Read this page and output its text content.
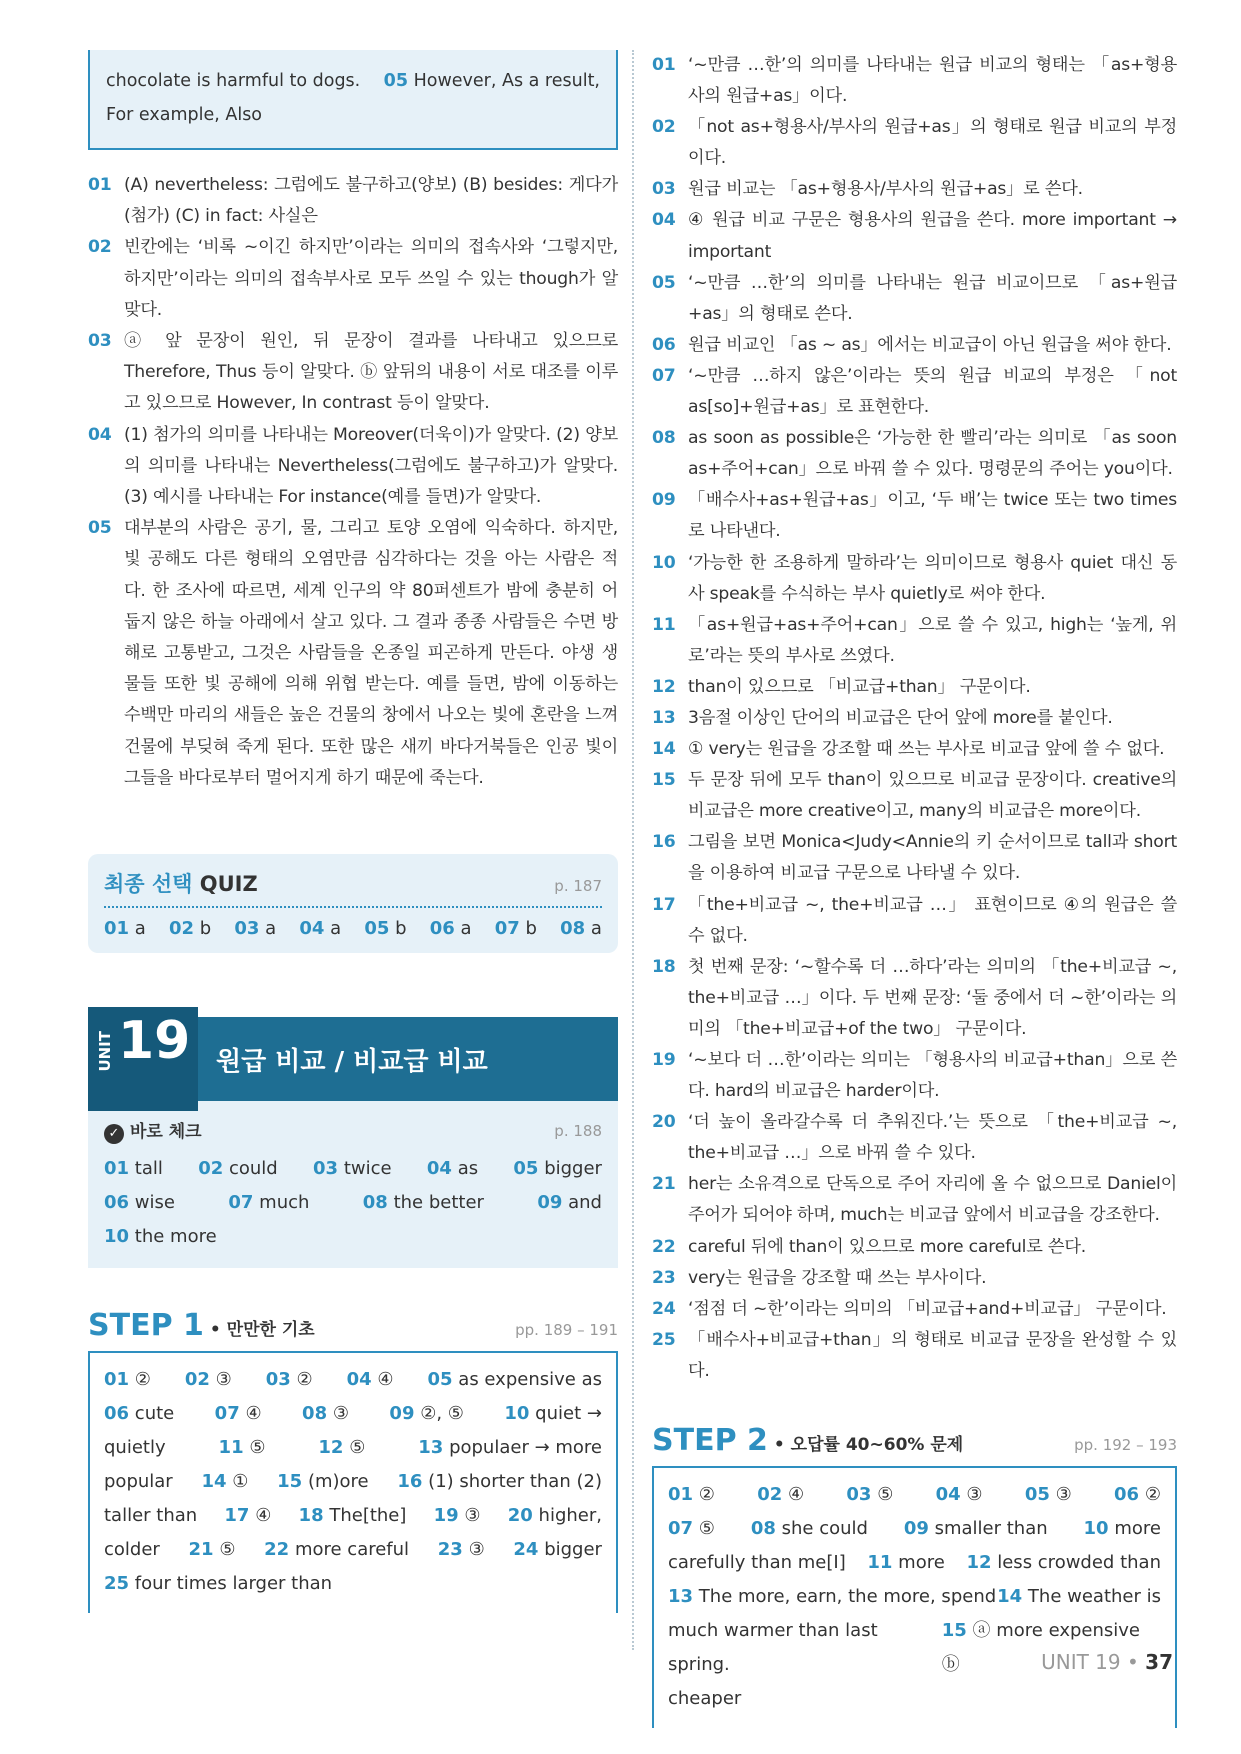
chocolate is harmful to dogs. 05 However, As a result,
For example, Also
01 (A) nevertheless: 그럼에도 불구하고(양보) (B) besides: 게다가(첨가) (C) in fact: 사실은
02 빈칸에는 ‘비록 ~이긴 하지만’이라는 의미의 접속사와 ‘그렇지만, 하지만’이라는 의미의 접속부사로 모두 쓰일 수 있는 though가 알맞다.
03 ⓐ 앞 문장이 원인, 뒤 문장이 결과를 나타내고 있으므로 Therefore, Thus 등이 알맞다. ⓑ 앞뒤의 내용이 서로 대조를 이루고 있으므로 However, In contrast 등이 알맞다.
04 (1) 첨가의 의미를 나타내는 Moreover(더욱이)가 알맞다. (2) 양보의 의미를 나타내는 Nevertheless(그럼에도 불구하고)가 알맞다. (3) 예시를 나타내는 For instance(예를 들면)가 알맞다.
05 대부분의 사람은 공기, 물, 그리고 토양 오염에 익숙하다. 하지만, 빛 공해도 다른 형태의 오염만큼 심각하다는 것을 아는 사람은 적다. 한 조사에 따르면, 세계 인구의 약 80퍼센트가 밤에 충분히 어둡지 않은 하늘 아래에서 살고 있다. 그 결과 종종 사람들은 수면 방해로 고통받고, 그것은 사람들을 온종일 피곤하게 만든다. 야생 생물들 또한 빛 공해에 의해 위협 받는다. 예를 들면, 밤에 이동하는 수백만 마리의 새들은 높은 건물의 창에서 나오는 빛에 혼란을 느껴 건물에 부딪혀 죽게 된다. 또한 많은 새끼 바다거북들은 인공 빛이 그들을 바다로부터 멀어지게 하기 때문에 죽는다.
최종 선택 QUIZ	p. 187
01 a 02 b 03 a 04 a 05 b 06 a 07 b 08 a
UNIT 19 원급 비교 / 비교급 비교
✓ 바로 체크	p. 188
01 tall 02 could 03 twice 04 as 05 bigger
06 wise	07 much	08 the better	09 and
10 the more
STEP 1 • 만만한 기초	pp. 189 – 191
01 ② 02 ③ 03 ② 04 ④ 05 as expensive as
06 cute 07 ④ 08 ③ 09 ②, ⑤ 10 quiet →
quietly	11 ⑤	12 ⑤	13 populaer → more
popular 14 ① 15 (m)ore 16 (1) shorter than (2)
taller than 17 ④ 18 The[the] 19 ③ 20 higher,
colder 21 ⑤ 22 more careful 23 ③ 24 bigger
25 four times larger than
01 ‘~만큼 …한’의 의미를 나타내는 원급 비교의 형태는 「as+형용사의 원급+as」이다.
02 「not as+형용사/부사의 원급+as」의 형태로 원급 비교의 부정이다.
03 원급 비교는 「as+형용사/부사의 원급+as」로 쓴다.
04 ④ 원급 비교 구문은 형용사의 원급을 쓴다. more important → important
05 ‘~만큼 …한’의 의미를 나타내는 원급 비교이므로 「as+원급+as」의 형태로 쓴다.
06 원급 비교인 「as ~ as」에서는 비교급이 아닌 원급을 써야 한다.
07 ‘~만큼 …하지 않은’이라는 뜻의 원급 비교의 부정은 「not as[so]+원급+as」로 표현한다.
08 as soon as possible은 ‘가능한 한 빨리’라는 의미로 「as soon as+주어+can」으로 바꿔 쓸 수 있다. 명령문의 주어는 you이다.
09 「배수사+as+원급+as」이고, ‘두 배’는 twice 또는 two times로 나타낸다.
10 ‘가능한 한 조용하게 말하라’는 의미이므로 형용사 quiet 대신 동사 speak를 수식하는 부사 quietly로 써야 한다.
11 「as+원급+as+주어+can」으로 쓸 수 있고, high는 ‘높게, 위로’라는 뜻의 부사로 쓰였다.
12 than이 있으므로 「비교급+than」 구문이다.
13 3음절 이상인 단어의 비교급은 단어 앞에 more를 붙인다.
14 ① very는 원급을 강조할 때 쓰는 부사로 비교급 앞에 쓸 수 없다.
15 두 문장 뒤에 모두 than이 있으므로 비교급 문장이다. creative의 비교급은 more creative이고, many의 비교급은 more이다.
16 그림을 보면 Monica<Judy<Annie의 키 순서이므로 tall과 short을 이용하여 비교급 구문으로 나타낼 수 있다.
17 「the+비교급 ~, the+비교급 …」 표현이므로 ④의 원급은 쓸 수 없다.
18 첫 번째 문장: ‘~할수록 더 …하다’라는 의미의 「the+비교급 ~, the+비교급 …」이다. 두 번째 문장: ‘둘 중에서 더 ~한’이라는 의미의 「the+비교급+of the two」 구문이다.
19 ‘~보다 더 …한’이라는 의미는 「형용사의 비교급+than」으로 쓴다. hard의 비교급은 harder이다.
20 ‘더 높이 올라갈수록 더 추워진다.’는 뜻으로 「the+비교급 ~, the+비교급 …」으로 바꿔 쓸 수 있다.
21 her는 소유격으로 단독으로 주어 자리에 올 수 없으므로 Daniel이 주어가 되어야 하며, much는 비교급 앞에서 비교급을 강조한다.
22 careful 뒤에 than이 있으므로 more careful로 쓴다.
23 very는 원급을 강조할 때 쓰는 부사이다.
24 ‘점점 더 ~한’이라는 의미의 「비교급+and+비교급」 구문이다.
25 「배수사+비교급+than」의 형태로 비교급 문장을 완성할 수 있다.
STEP 2 • 오답률 40~60% 문제	pp. 192 – 193
01 ② 02 ④ 03 ⑤ 04 ③ 05 ③ 06 ②
07 ⑤ 08 she could 09 smaller than 10 more
carefully than me[I] 11 more 12 less crowded than
13 The more, earn, the more, spend 14 The weather is
much warmer than last spring.
15 ⓐ more expensive ⓑ
cheaper
UNIT 19 • 37
